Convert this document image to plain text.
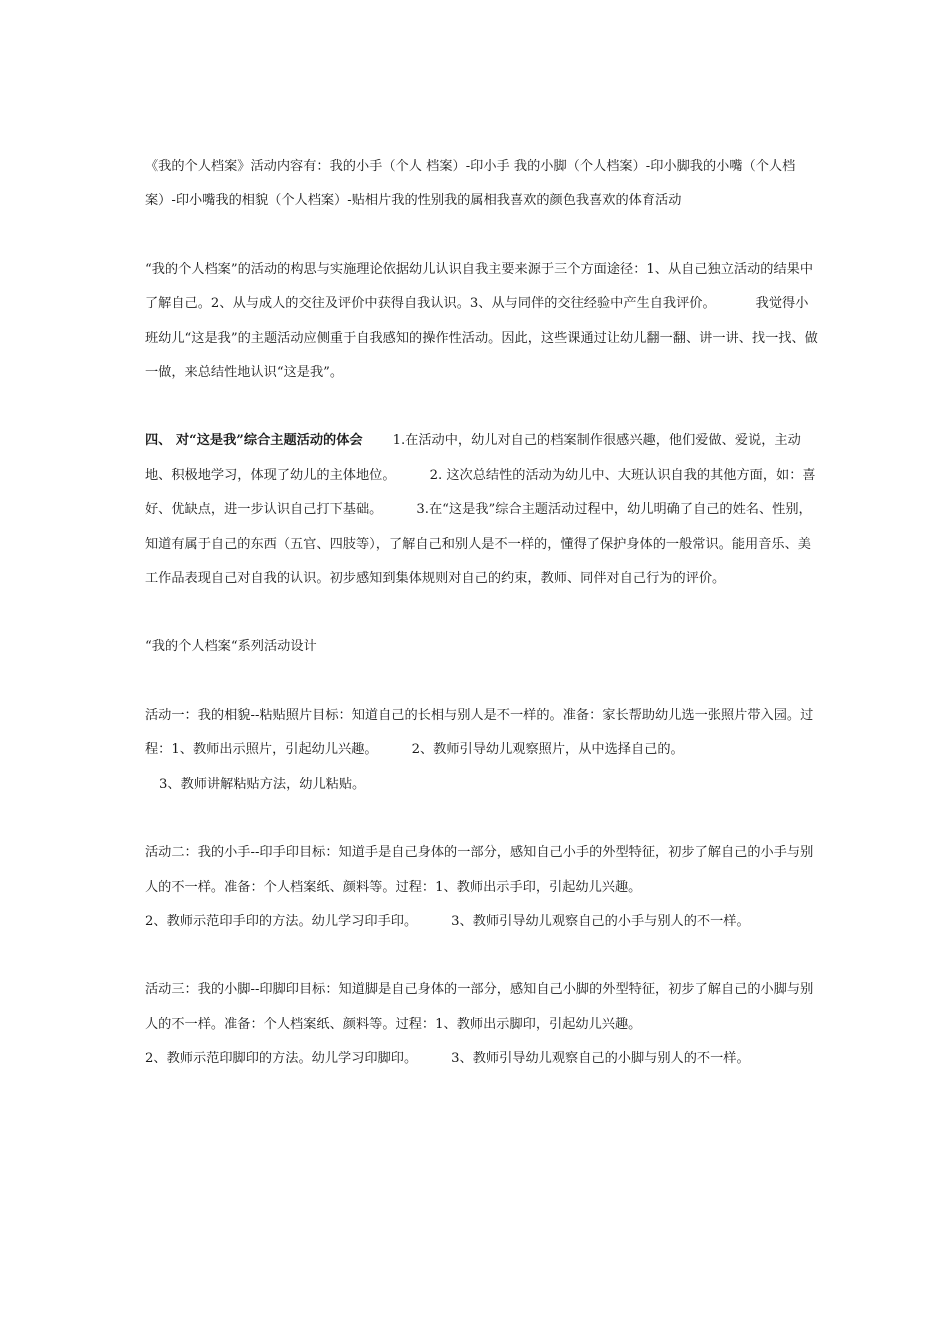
《我的个人档案》活动内容有：我的小手（个人 档案）-印小手 我的小脚（个人档案）-印小脚我的小嘴（个人档案）-印小嘴我的相貌（个人档案）-贴相片我的性别我的属相我喜欢的颜色我喜欢的体育活动

“我的个人档案”的活动的构思与实施理论依据幼儿认识自我主要来源于三个方面途径：1、从自己独立活动的结果中了解自己。2、从与成人的交往及评价中获得自我认识。3、从与同伴的交往经验中产生自我评价。	我觉得小班幼儿“这是我”的主题活动应侧重于自我感知的操作性活动。因此，这些课通过让幼儿翻一翻、讲一讲、找一找、做一做，来总结性地认识“这是我”。

四、 对“这是我”综合主题活动的体会 1.在活动中，幼儿对自己的档案制作很感兴趣，他们爱做、爱说，主动地、积极地学习，体现了幼儿的主体地位。	2. 这次总结性的活动为幼儿中、大班认识自我的其他方面，如：喜好、优缺点，进一步认识自己打下基础。	3.在“这是我”综合主题活动过程中，幼儿明确了自己的姓名、性别，知道有属于自己的东西（五官、四肢等），了解自己和别人是不一样的，懂得了保护身体的一般常识。能用音乐、美工作品表现自己对自我的认识。初步感知到集体规则对自己的约束，教师、同伴对自己行为的评价。

“我的个人档案“系列活动设计

活动一：我的相貌--粘贴照片目标：知道自己的长相与别人是不一样的。准备：家长帮助幼儿选一张照片带入园。过程：1、教师出示照片，引起幼儿兴趣。	2、教师引导幼儿观察照片，从中选择自己的。
3、教师讲解粘贴方法，幼儿粘贴。

活动二：我的小手--印手印目标：知道手是自己身体的一部分，感知自己小手的外型特征，初步了解自己的小手与别人的不一样。准备：个人档案纸、颜料等。过程：1、教师出示手印，引起幼儿兴趣。
2、教师示范印手印的方法。幼儿学习印手印。	3、教师引导幼儿观察自己的小手与别人的不一样。

活动三：我的小脚--印脚印目标：知道脚是自己身体的一部分，感知自己小脚的外型特征，初步了解自己的小脚与别人的不一样。准备：个人档案纸、颜料等。过程：1、教师出示脚印，引起幼儿兴趣。
2、教师示范印脚印的方法。幼儿学习印脚印。	3、教师引导幼儿观察自己的小脚与别人的不一样。
